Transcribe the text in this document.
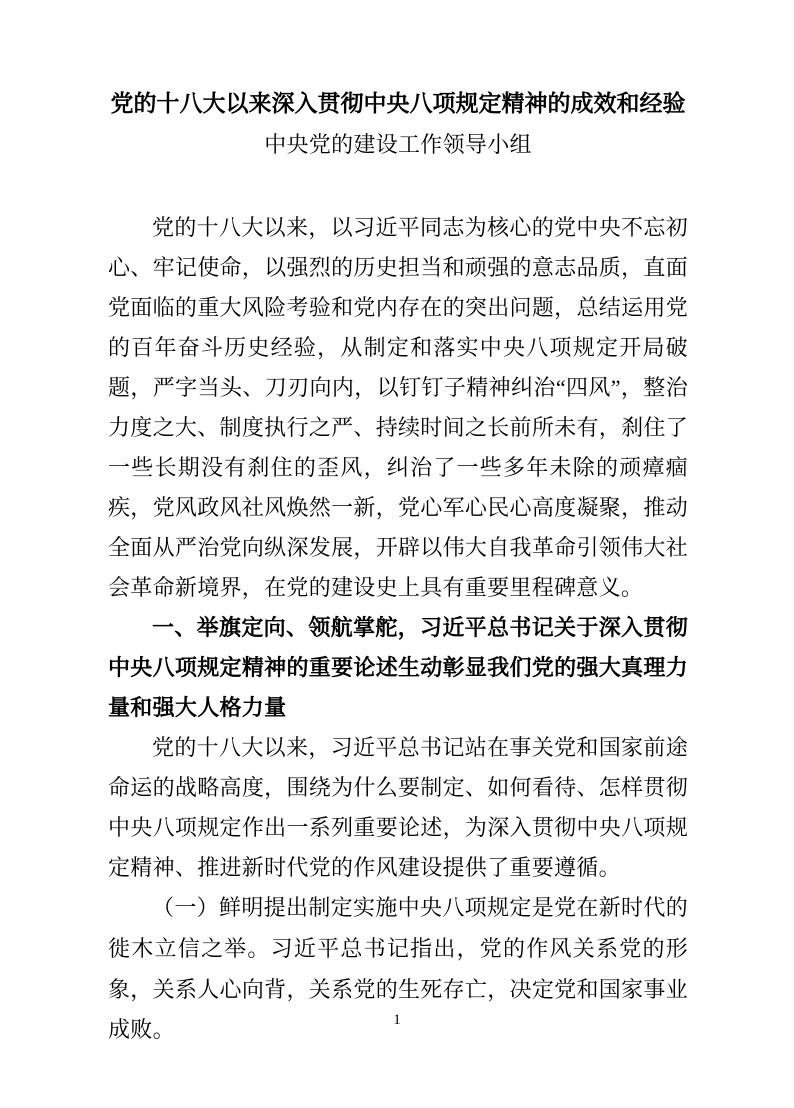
党的十八大以来深入贯彻中央八项规定精神的成效和经验
中央党的建设工作领导小组

党的十八大以来，以习近平同志为核心的党中央不忘初心、牢记使命，以强烈的历史担当和顽强的意志品质，直面党面临的重大风险考验和党内存在的突出问题，总结运用党的百年奋斗历史经验，从制定和落实中央八项规定开局破题，严字当头、刀刃向内，以钉钉子精神纠治“四风”，整治力度之大、制度执行之严、持续时间之长前所未有，刹住了一些长期没有刹住的歪风，纠治了一些多年未除的顽瘴痼疾，党风政风社风焕然一新，党心军心民心高度凝聚，推动全面从严治党向纵深发展，开辟以伟大自我革命引领伟大社会革命新境界，在党的建设史上具有重要里程碑意义。

一、举旗定向、领航掌舵，习近平总书记关于深入贯彻中央八项规定精神的重要论述生动彰显我们党的强大真理力量和强大人格力量

党的十八大以来，习近平总书记站在事关党和国家前途命运的战略高度，围绕为什么要制定、如何看待、怎样贯彻中央八项规定作出一系列重要论述，为深入贯彻中央八项规定精神、推进新时代党的作风建设提供了重要遵循。

（一）鲜明提出制定实施中央八项规定是党在新时代的徙木立信之举。习近平总书记指出，党的作风关系党的形象，关系人心向背，关系党的生死存亡，决定党和国家事业成败。	1
